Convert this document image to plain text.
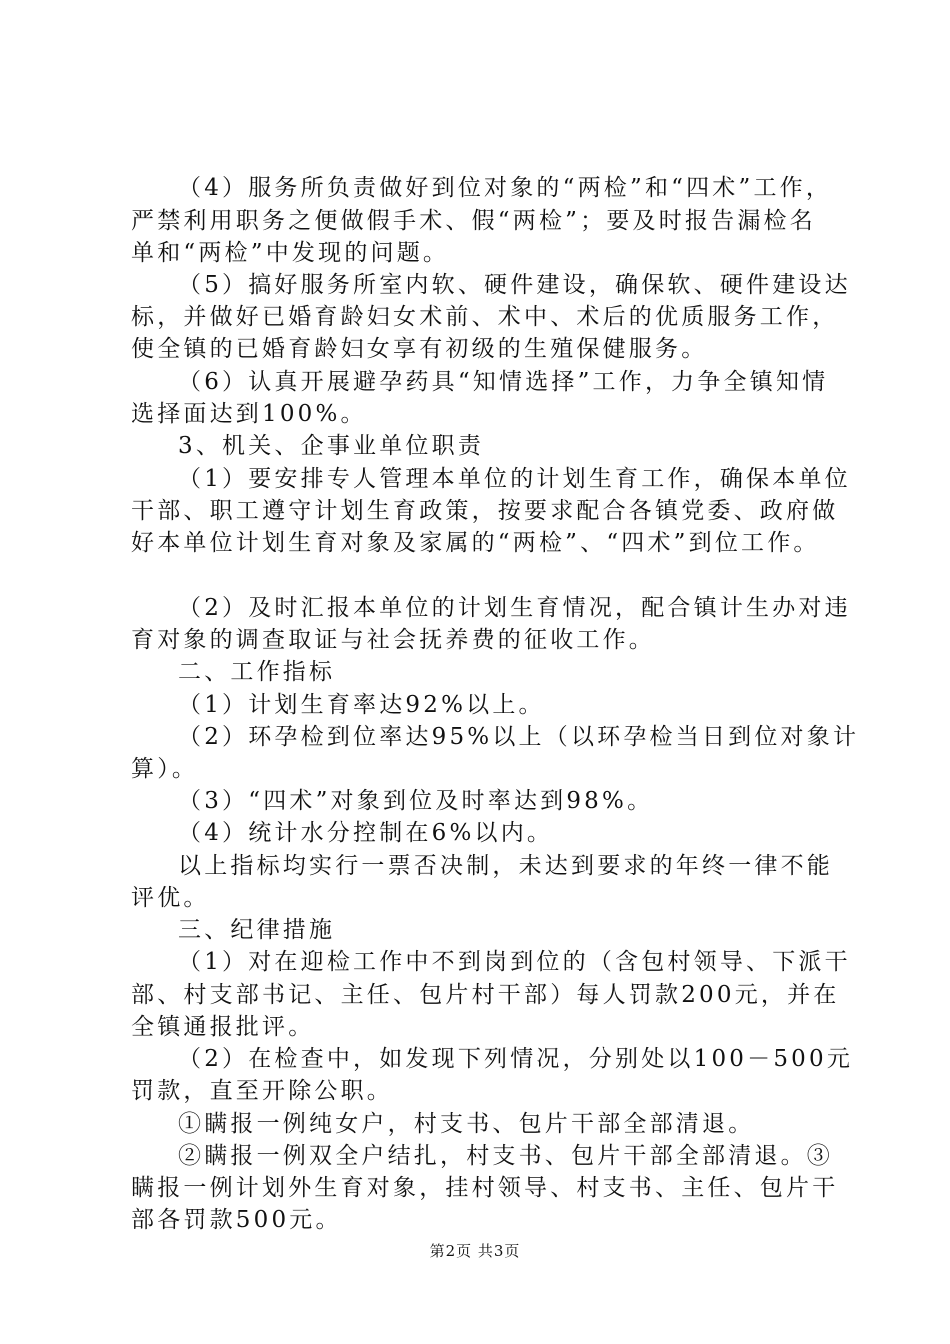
（4）服务所负责做好到位对象的“两检”和“四术”工作，
严禁利用职务之便做假手术、假“两检”；要及时报告漏检名
单和“两检”中发现的问题。
（5）搞好服务所室内软、硬件建设，确保软、硬件建设达
标，并做好已婚育龄妇女术前、术中、术后的优质服务工作，
使全镇的已婚育龄妇女享有初级的生殖保健服务。
（6）认真开展避孕药具“知情选择”工作，力争全镇知情
选择面达到100%。
3、机关、企事业单位职责
（1）要安排专人管理本单位的计划生育工作，确保本单位
干部、职工遵守计划生育政策，按要求配合各镇党委、政府做
好本单位计划生育对象及家属的“两检”、“四术”到位工作。
（2）及时汇报本单位的计划生育情况，配合镇计生办对违
育对象的调查取证与社会抚养费的征收工作。
二、工作指标
（1）计划生育率达92%以上。
（2）环孕检到位率达95%以上（以环孕检当日到位对象计
算）。
（3）“四术”对象到位及时率达到98%。
（4）统计水分控制在6%以内。
以上指标均实行一票否决制，未达到要求的年终一律不能
评优。
三、纪律措施
（1）对在迎检工作中不到岗到位的（含包村领导、下派干
部、村支部书记、主任、包片村干部）每人罚款200元，并在
全镇通报批评。
（2）在检查中，如发现下列情况，分别处以100－500元
罚款，直至开除公职。
①瞒报一例纯女户，村支书、包片干部全部清退。
②瞒报一例双全户结扎，村支书、包片干部全部清退。③
瞒报一例计划外生育对象，挂村领导、村支书、主任、包片干
部各罚款500元。
第2页 共3页
